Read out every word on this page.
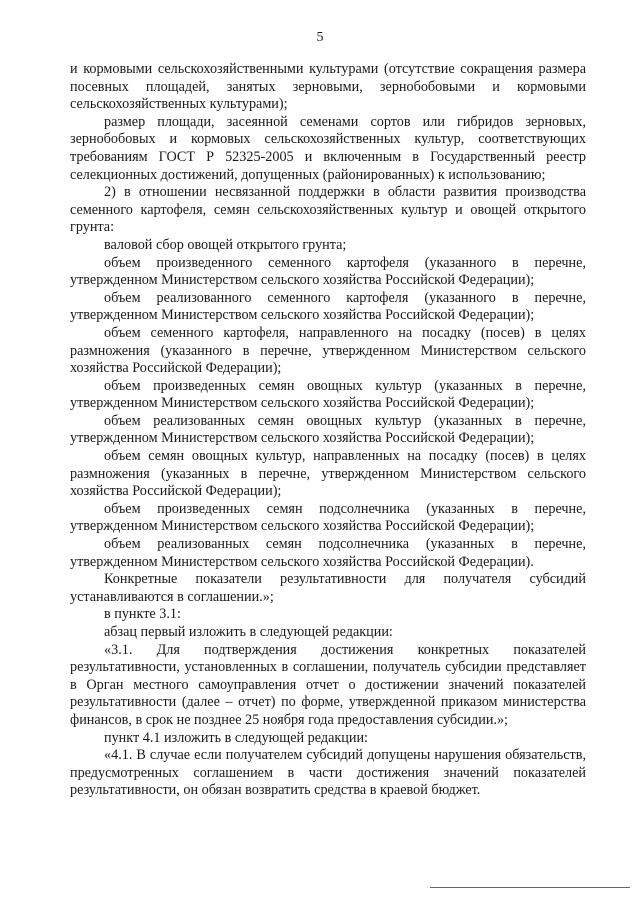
5

и кормовыми сельскохозяйственными культурами (отсутствие сокращения размера посевных площадей, занятых зерновыми, зернобобовыми и кормовыми сельскохозяйственных культурами);

размер площади, засеянной семенами сортов или гибридов зерновых, зернобобовых и кормовых сельскохозяйственных культур, соответствующих требованиям ГОСТ Р 52325-2005 и включенным в Государственный реестр селекционных достижений, допущенных (районированных) к использованию;

2) в отношении несвязанной поддержки в области развития производства семенного картофеля, семян сельскохозяйственных культур и овощей открытого грунта:

валовой сбор овощей открытого грунта;

объем произведенного семенного картофеля (указанного в перечне, утвержденном Министерством сельского хозяйства Российской Федерации);

объем реализованного семенного картофеля (указанного в перечне, утвержденном Министерством сельского хозяйства Российской Федерации);

объем семенного картофеля, направленного на посадку (посев) в целях размножения (указанного в перечне, утвержденном Министерством сельского хозяйства Российской Федерации);

объем произведенных семян овощных культур (указанных в перечне, утвержденном Министерством сельского хозяйства Российской Федерации);

объем реализованных семян овощных культур (указанных в перечне, утвержденном Министерством сельского хозяйства Российской Федерации);

объем семян овощных культур, направленных на посадку (посев) в целях размножения (указанных в перечне, утвержденном Министерством сельского хозяйства Российской Федерации);

объем произведенных семян подсолнечника (указанных в перечне, утвержденном Министерством сельского хозяйства Российской Федерации);

объем реализованных семян подсолнечника (указанных в перечне, утвержденном Министерством сельского хозяйства Российской Федерации).

Конкретные показатели результативности для получателя субсидий устанавливаются в соглашении.»;

в пункте 3.1:

абзац первый изложить в следующей редакции:

«3.1. Для подтверждения достижения конкретных показателей результативности, установленных в соглашении, получатель субсидии представляет в Орган местного самоуправления отчет о достижении значений показателей результативности (далее – отчет) по форме, утвержденной приказом министерства финансов, в срок не позднее 25 ноября года предоставления субсидии.»;

пункт 4.1 изложить в следующей редакции:

«4.1. В случае если получателем субсидий допущены нарушения обязательств, предусмотренных соглашением в части достижения значений показателей результативности, он обязан возвратить средства в краевой бюджет.
